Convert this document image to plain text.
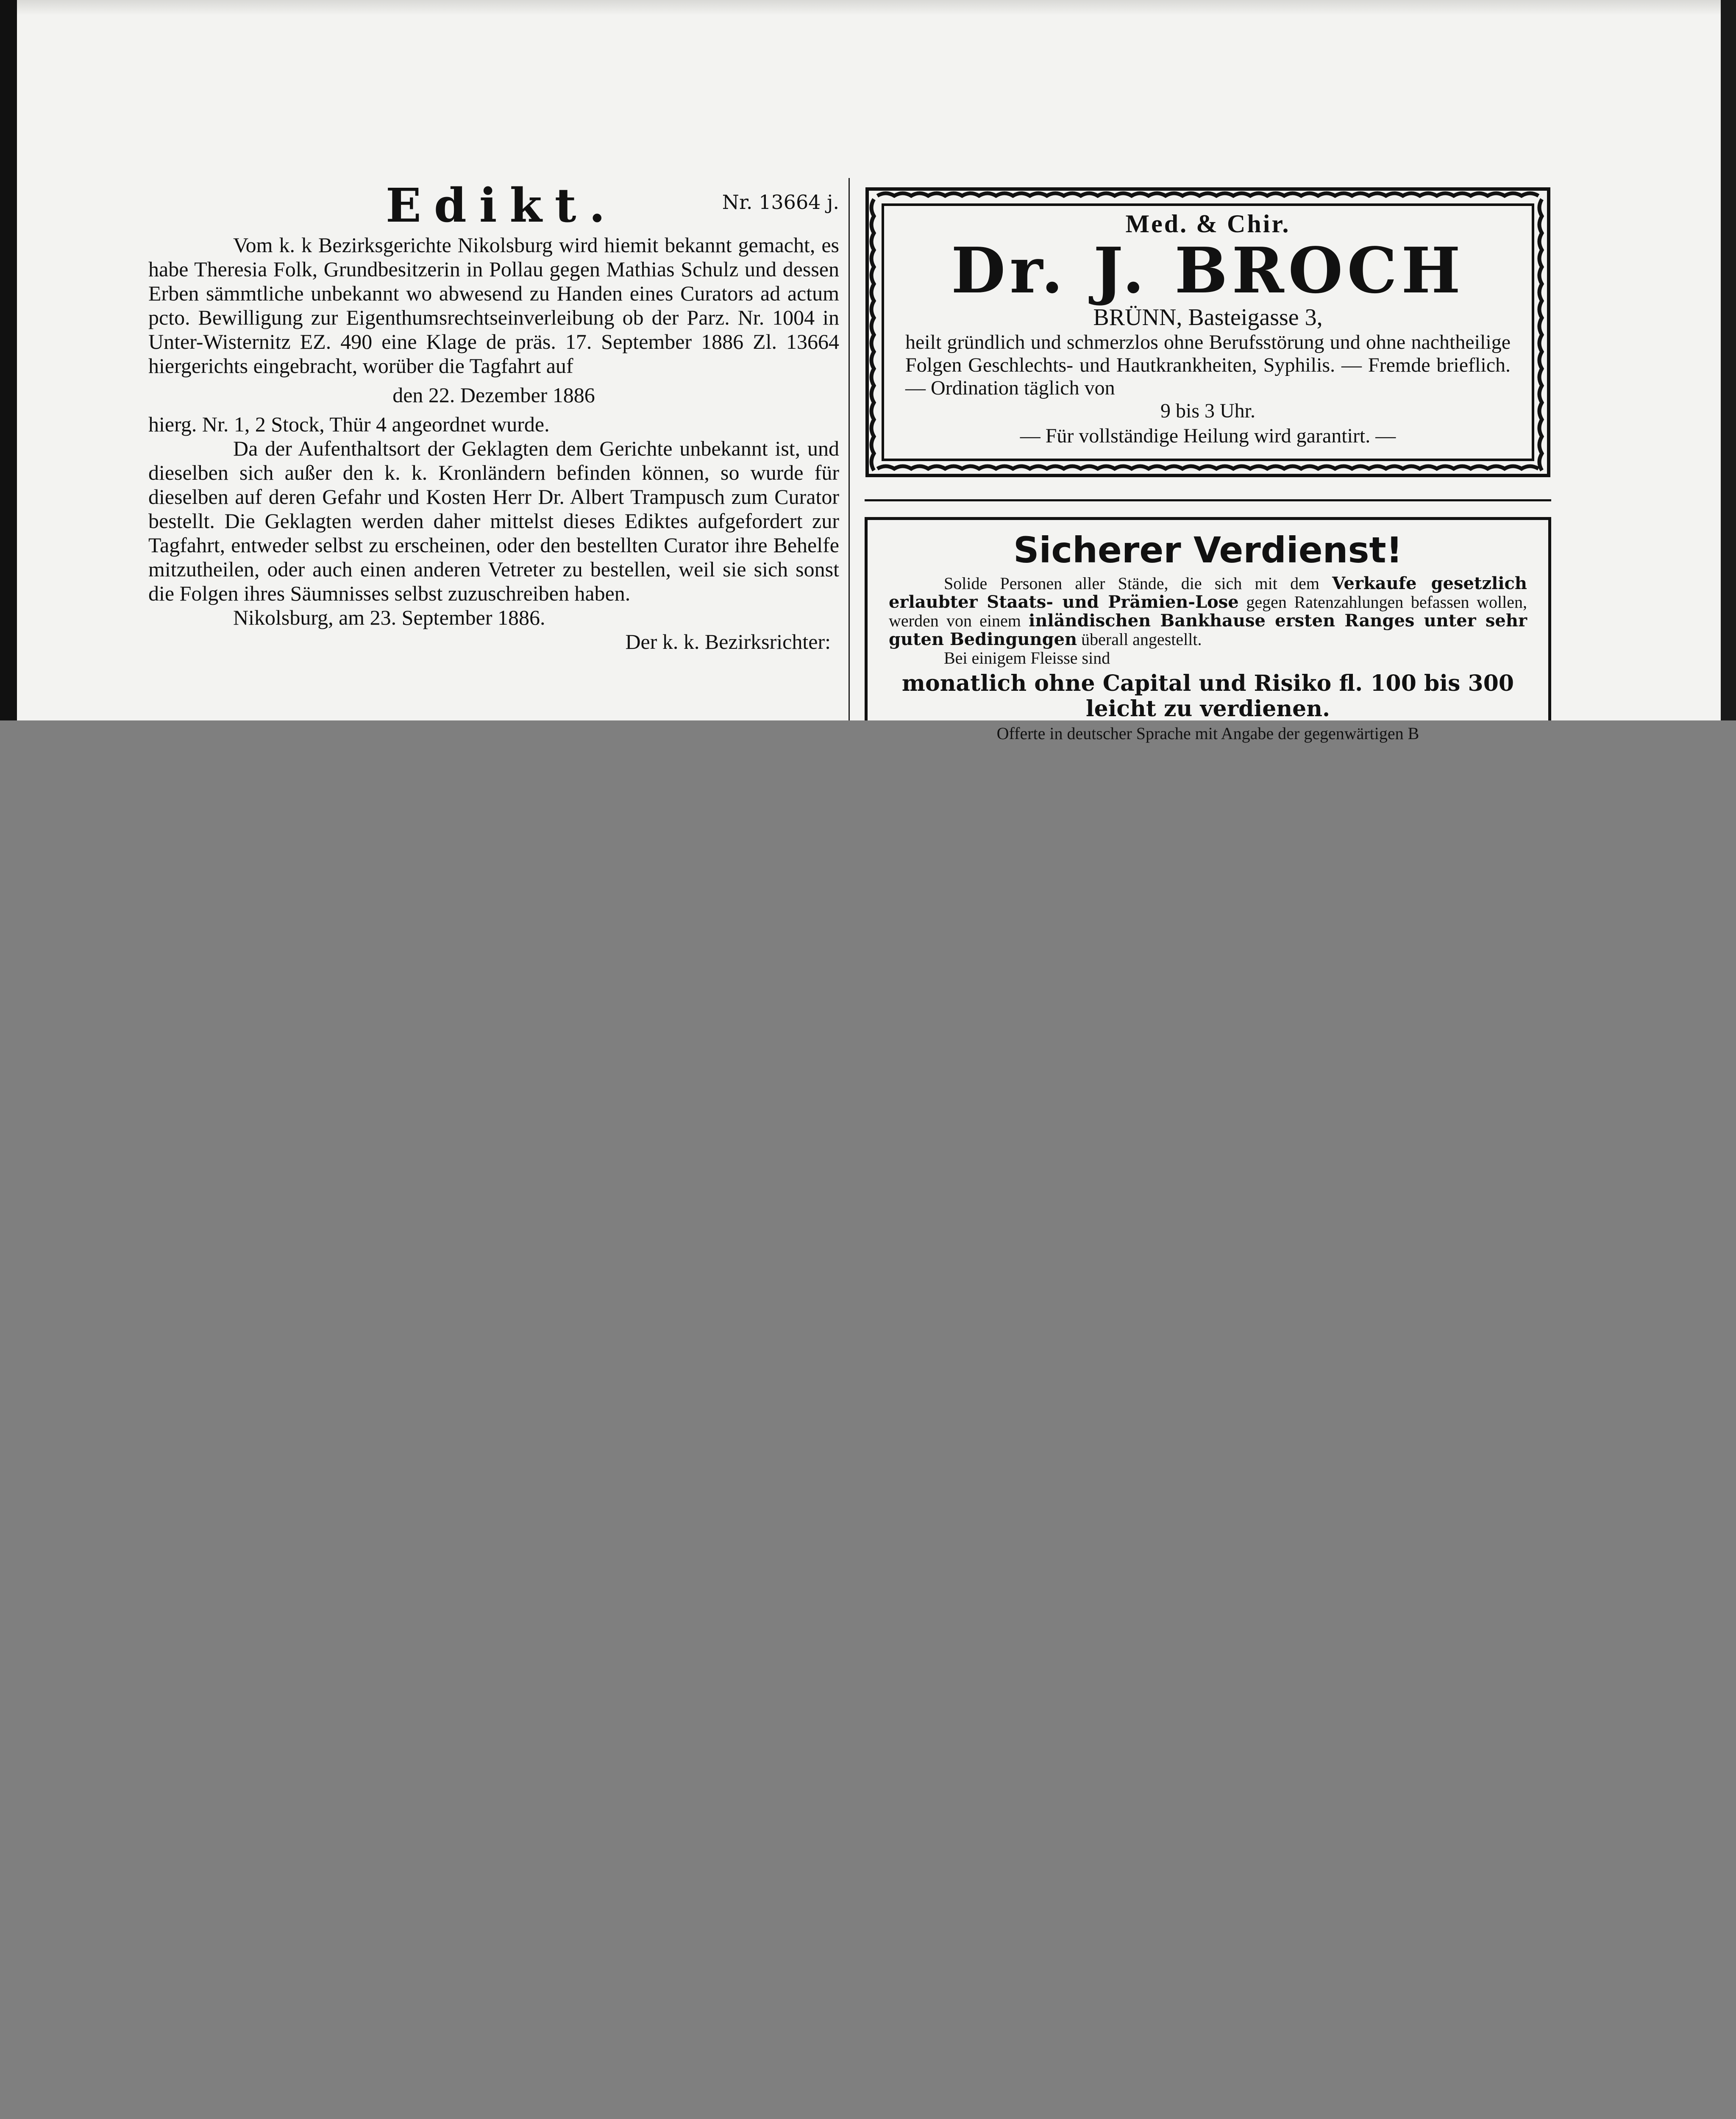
Edikt.	Nr. 13664 j.

Vom k. k Bezirksgerichte Nikolsburg wird hiemit bekannt gemacht, es habe Theresia Folk, Grundbesitzerin in Pollau gegen Mathias Schulz und dessen Erben sämmtliche unbekannt wo abwesend zu Handen eines Curators ad actum pcto. Bewilligung zur Eigenthumsrechtseinverleibung ob der Parz. Nr. 1004 in Unter-Wisternitz EZ. 490 eine Klage de präs. 17. September 1886 Zl. 13664 hiergerichts eingebracht, worüber die Tagfahrt auf

den 22. Dezember 1886

hierg. Nr. 1, 2 Stock, Thür 4 angeordnet wurde.

Da der Aufenthaltsort der Geklagten dem Gerichte unbekannt ist, und dieselben sich außer den k. k. Kronländern befinden können, so wurde für dieselben auf deren Gefahr und Kosten Herr Dr. Albert Trampusch zum Curator bestellt. Die Geklagten werden daher mittelst dieses Ediktes aufgefordert zur Tagfahrt, entweder selbst zu erscheinen, oder den bestellten Curator ihre Behelfe mitzutheilen, oder auch einen anderen Vetreter zu bestellen, weil sie sich sonst die Folgen ihres Säumnisses selbst zuzuschreiben haben.

Nikolsburg, am 23. September 1886.

Der k. k. Bezirksrichter:

Med. & Chir.
Dr. J. BROCH
BRÜNN, Basteigasse 3,
heilt gründlich und schmerzlos ohne Berufsstörung und ohne nachtheilige Folgen Geschlechts- und Hautkrankheiten, Syphilis. — Fremde brieflich. — Ordination täglich von
9 bis 3 Uhr.
— Für vollständige Heilung wird garantirt. —
Sicherer Verdienst!
Solide Personen aller Stände, die sich mit dem Verkaufe gesetzlich erlaubter Staats- und Prämien-Lose gegen Ratenzahlungen befassen wollen, werden von einem inländischen Bankhause ersten Ranges unter sehr guten Bedingungen überall angestellt.
Bei einigem Fleisse sind
monatlich ohne Capital und Risiko fl. 100 bis 300 leicht zu verdienen.
Offerte in deutscher Sprache mit Angabe der gegenwärtigen B
